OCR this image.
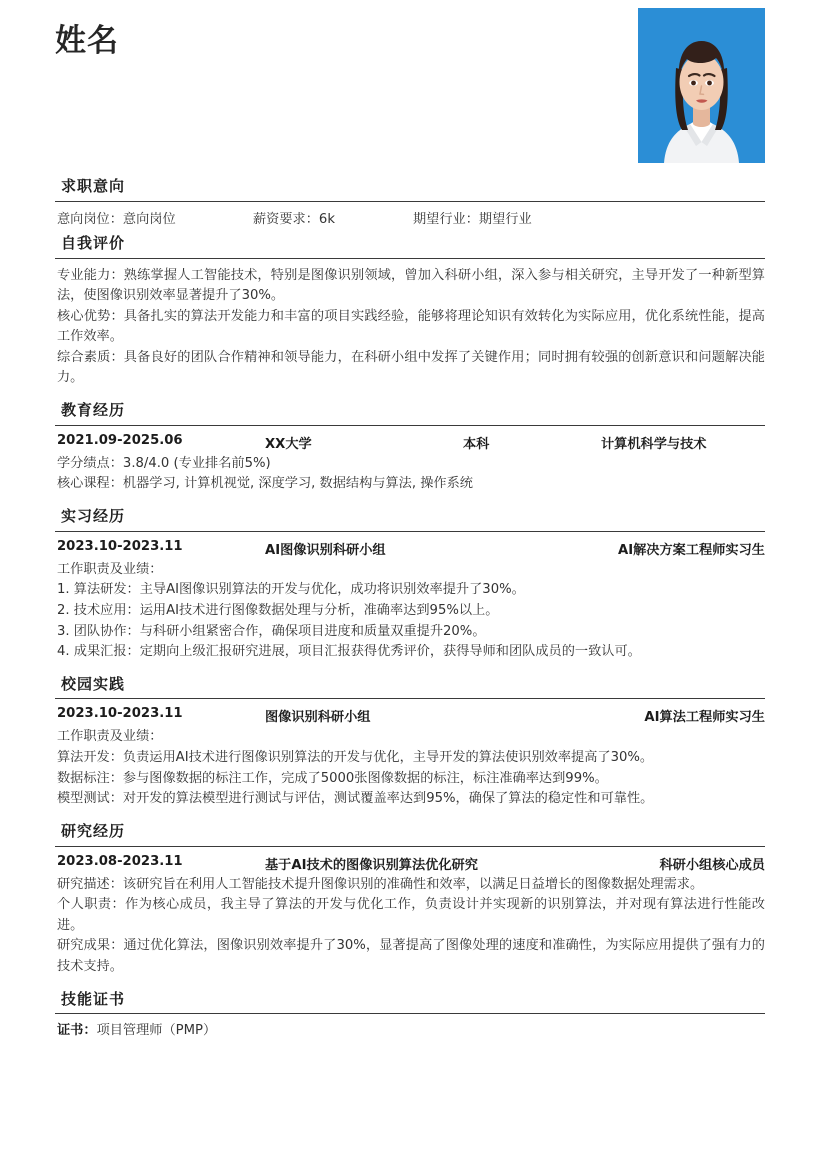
姓名
求职意向
意向岗位：意向岗位	薪资要求：6k	期望行业：期望行业
自我评价

专业能力：熟练掌握人工智能技术，特别是图像识别领域，曾加入科研小组，深入参与相关研究，主导开发了一种新型算法，使图像识别效率显著提升了30%。

核心优势：具备扎实的算法开发能力和丰富的项目实践经验，能够将理论知识有效转化为实际应用，优化系统性能，提高工作效率。

综合素质：具备良好的团队合作精神和领导能力，在科研小组中发挥了关键作用；同时拥有较强的创新意识和问题解决能力。

教育经历
2021.09-2025.06	XX大学	本科	计算机科学与技术
学分绩点：3.8/4.0 (专业排名前5%)
核心课程：机器学习, 计算机视觉, 深度学习, 数据结构与算法, 操作系统
实习经历
2023.10-2023.11	AI图像识别科研小组	AI解决方案工程师实习生
工作职责及业绩：
1. 算法研发：主导AI图像识别算法的开发与优化，成功将识别效率提升了30%。
2. 技术应用：运用AI技术进行图像数据处理与分析，准确率达到95%以上。
3. 团队协作：与科研小组紧密合作，确保项目进度和质量双重提升20%。
4. 成果汇报：定期向上级汇报研究进展，项目汇报获得优秀评价，获得导师和团队成员的一致认可。
校园实践
2023.10-2023.11	图像识别科研小组	AI算法工程师实习生
工作职责及业绩：
算法开发：负责运用AI技术进行图像识别算法的开发与优化，主导开发的算法使识别效率提高了30%。
数据标注：参与图像数据的标注工作，完成了5000张图像数据的标注，标注准确率达到99%。
模型测试：对开发的算法模型进行测试与评估，测试覆盖率达到95%，确保了算法的稳定性和可靠性。
研究经历
2023.08-2023.11	基于AI技术的图像识别算法优化研究	科研小组核心成员

研究描述：该研究旨在利用人工智能技术提升图像识别的准确性和效率，以满足日益增长的图像数据处理需求。

个人职责：作为核心成员，我主导了算法的开发与优化工作，负责设计并实现新的识别算法，并对现有算法进行性能改进。

研究成果：通过优化算法，图像识别效率提升了30%，显著提高了图像处理的速度和准确性，为实际应用提供了强有力的技术支持。

技能证书
证书：项目管理师（PMP）
